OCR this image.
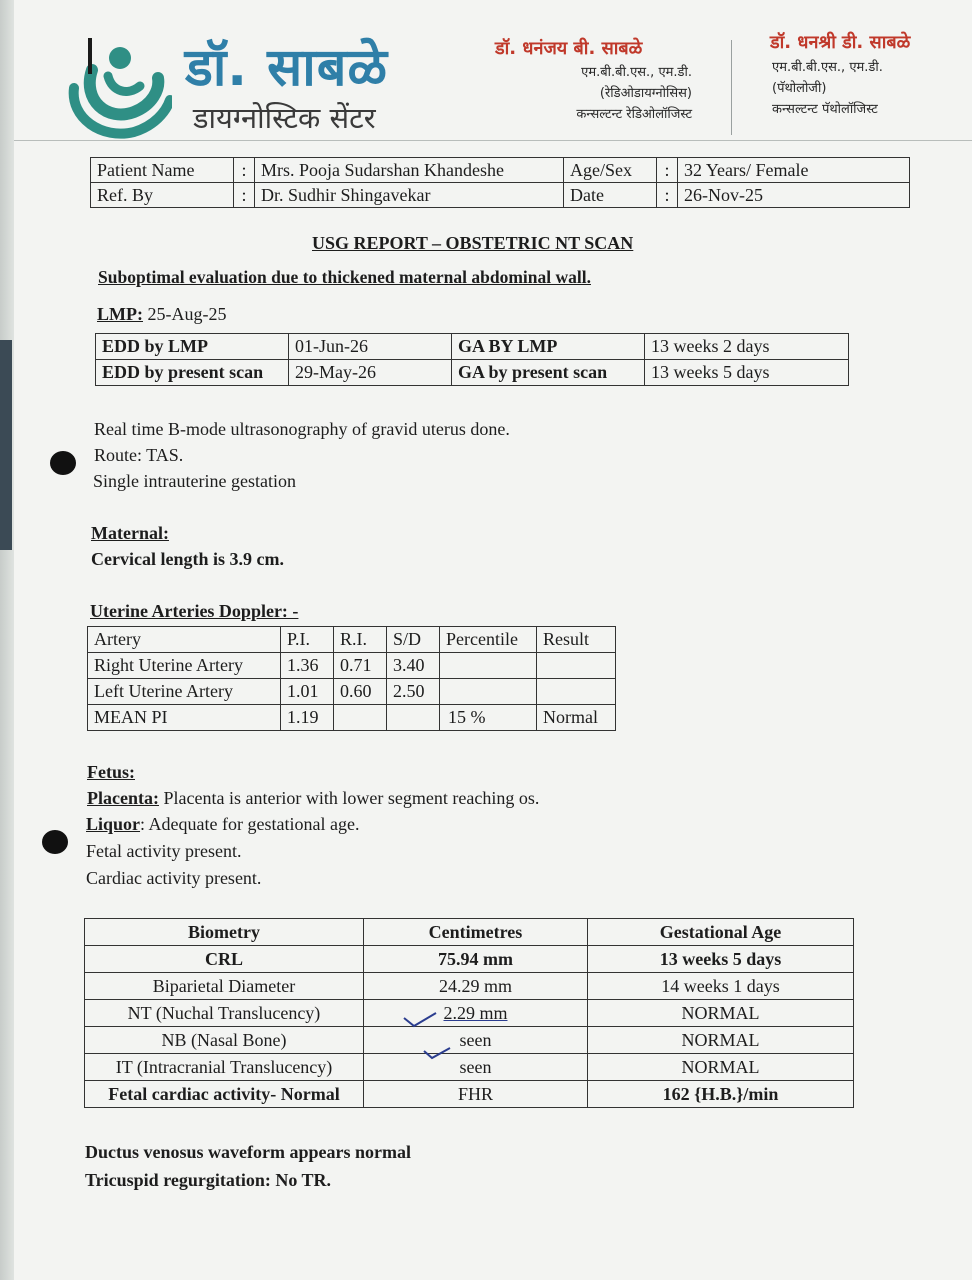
डॉ. साबळे
डायग्नोस्टिक सेंटर
डॉ. धनंजय बी. साबळे
एम.बी.बी.एस., एम.डी.
(रेडिओडायग्नोसिस)
कन्सल्टन्ट रेडिओलॉजिस्ट
डॉ. धनश्री डी. साबळे
एम.बी.बी.एस., एम.डी.
(पॅथोलोजी)
कन्सल्टन्ट पॅथोलॉजिस्ट
Patient Name	:	Mrs. Pooja Sudarshan Khandeshe	Age/Sex	:	32 Years/ Female
Ref. By	:	Dr. Sudhir Shingavekar	Date	:	26-Nov-25
USG REPORT – OBSTETRIC NT SCAN
Suboptimal evaluation due to thickened maternal abdominal wall.
LMP: 25-Aug-25
EDD by LMP	01-Jun-26	GA BY LMP	13 weeks 2 days
EDD by present scan	29-May-26	GA by present scan	13 weeks 5 days
Real time B-mode ultrasonography of gravid uterus done.
Route: TAS.
Single intrauterine gestation
Maternal:
Cervical length is 3.9 cm.
Uterine Arteries Doppler: -
Artery	P.I.	R.I.	S/D	Percentile	Result
Right Uterine Artery	1.36	0.71	3.40		
Left Uterine Artery	1.01	0.60	2.50		
MEAN PI	1.19			15 %	Normal
Fetus:
Placenta: Placenta is anterior with lower segment reaching os.
Liquor: Adequate for gestational age.
Fetal activity present.
Cardiac activity present.
Biometry	Centimetres	Gestational Age
CRL	75.94 mm	13 weeks 5 days
Biparietal Diameter	24.29 mm	14 weeks 1 days
NT (Nuchal Translucency)	2.29 mm	NORMAL
NB (Nasal Bone)	seen	NORMAL
IT (Intracranial Translucency)	seen	NORMAL
Fetal cardiac activity- Normal	FHR	162 {H.B.}/min
Ductus venosus waveform appears normal
Tricuspid regurgitation: No TR.
